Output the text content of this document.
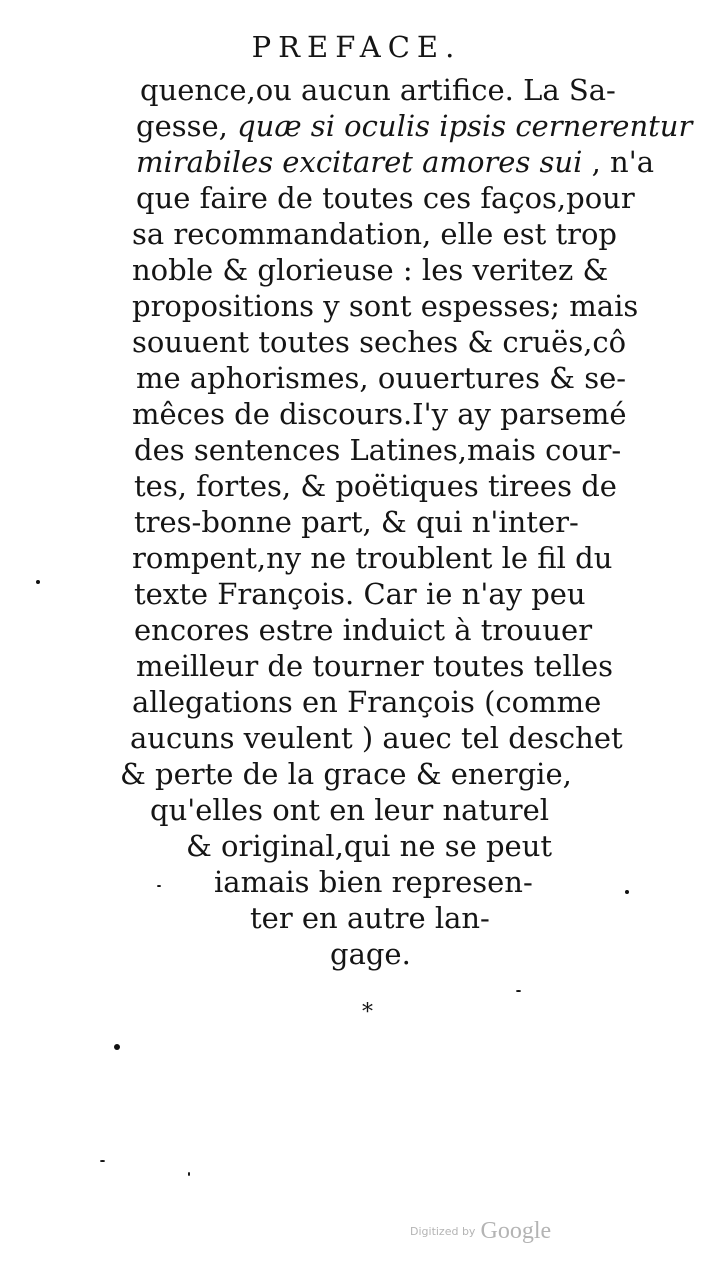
PREFACE.
quence,ou aucun artifice. La Sa-
gesse, quæ si oculis ipsis cernerentur
mirabiles excitaret amores sui , n'a
que faire de toutes ces faços,pour
sa recommandation, elle est trop
noble & glorieuse : les veritez &
propositions y sont espesses; mais
souuent toutes seches & cruës,cô
me aphorismes, ouuertures & se-
mêces de discours.I'y ay parsemé
des sentences Latines,mais cour-
tes, fortes, & poëtiques tirees de
tres-bonne part, & qui n'inter-
rompent,ny ne troublent le fil du
texte François. Car ie n'ay peu
encores estre induict à trouuer
meilleur de tourner toutes telles
allegations en François (comme
aucuns veulent ) auec tel deschet
& perte de la grace & energie,
qu'elles ont en leur naturel
& original,qui ne se peut
iamais bien represen-
ter en autre lan-
gage.
*
Digitized by Google
